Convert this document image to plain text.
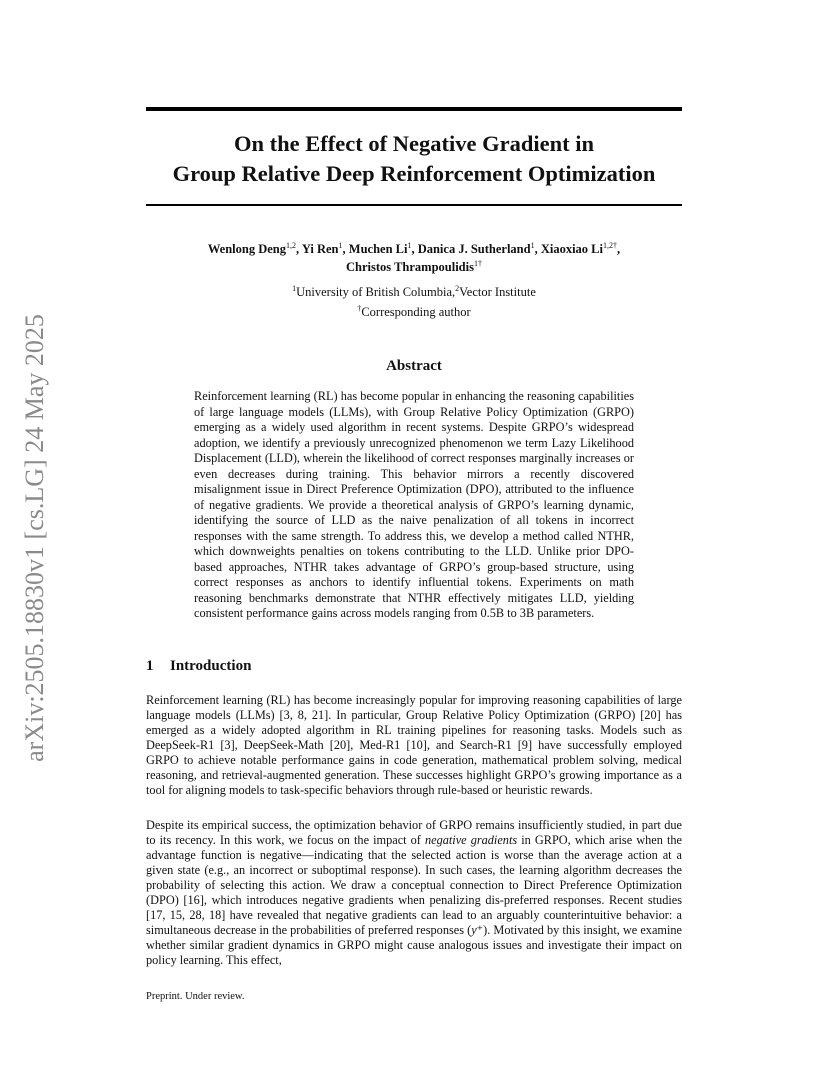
arXiv:2505.18830v1 [cs.LG] 24 May 2025
On the Effect of Negative Gradient in
Group Relative Deep Reinforcement Optimization
Wenlong Deng$^{1,2}$, Yi Ren$^1$, Muchen Li$^1$, Danica J. Sutherland$^1$, Xiaoxiao $Li^{1,2\dagger}$,
Christos Thrampoulidis$^{1\dagger}$
$^1$University of British Columbia,$^2$Vector Institute
†Corresponding author
Abstract

Reinforcement learning (RL) has become popular in enhancing the reasoning capabilities of large language models (LLMs), with Group Relative Policy Optimization (GRPO) emerging as a widely used algorithm in recent systems. Despite GRPO’s widespread adoption, we identify a previously unrecognized phenomenon we term Lazy Likelihood Displacement (LLD), wherein the likelihood of correct responses marginally increases or even decreases during training. This behavior mirrors a recently discovered misalignment issue in Direct Preference Optimization (DPO), attributed to the influence of negative gradients. We provide a theoretical analysis of GRPO’s learning dynamic, identifying the source of LLD as the naive penalization of all tokens in incorrect responses with the same strength. To address this, we develop a method called NTHR, which downweights penalties on tokens contributing to the LLD. Unlike prior DPO-based approaches, NTHR takes advantage of GRPO’s group-based structure, using correct responses as anchors to identify influential tokens. Experiments on math reasoning benchmarks demonstrate that NTHR effectively mitigates LLD, yielding consistent performance gains across models ranging from 0.5B to 3B parameters.

1 Introduction

Reinforcement learning (RL) has become increasingly popular for improving reasoning capabilities of large language models (LLMs) [3, 8, 21]. In particular, Group Relative Policy Optimization (GRPO) [20] has emerged as a widely adopted algorithm in RL training pipelines for reasoning tasks. Models such as DeepSeek-R1 [3], DeepSeek-Math [20], Med-R1 [10], and Search-R1 [9] have successfully employed GRPO to achieve notable performance gains in code generation, mathematical problem solving, medical reasoning, and retrieval-augmented generation. These successes highlight GRPO’s growing importance as a tool for aligning models to task-specific behaviors through rule-based or heuristic rewards.

Despite its empirical success, the optimization behavior of GRPO remains insufficiently studied, in part due to its recency. In this work, we focus on the impact of negative gradients in GRPO, which arise when the advantage function is negative—indicating that the selected action is worse than the average action at a given state (e.g., an incorrect or suboptimal response). In such cases, the learning algorithm decreases the probability of selecting this action. We draw a conceptual connection to Direct Preference Optimization (DPO) [16], which introduces negative gradients when penalizing dis-preferred responses. Recent studies [17, 15, 28, 18] have revealed that negative gradients can lead to an arguably counterintuitive behavior: a simultaneous decrease in the probabilities of preferred responses (y⁺). Motivated by this insight, we examine whether similar gradient dynamics in GRPO might cause analogous issues and investigate their impact on policy learning. This effect,

Preprint. Under review.
